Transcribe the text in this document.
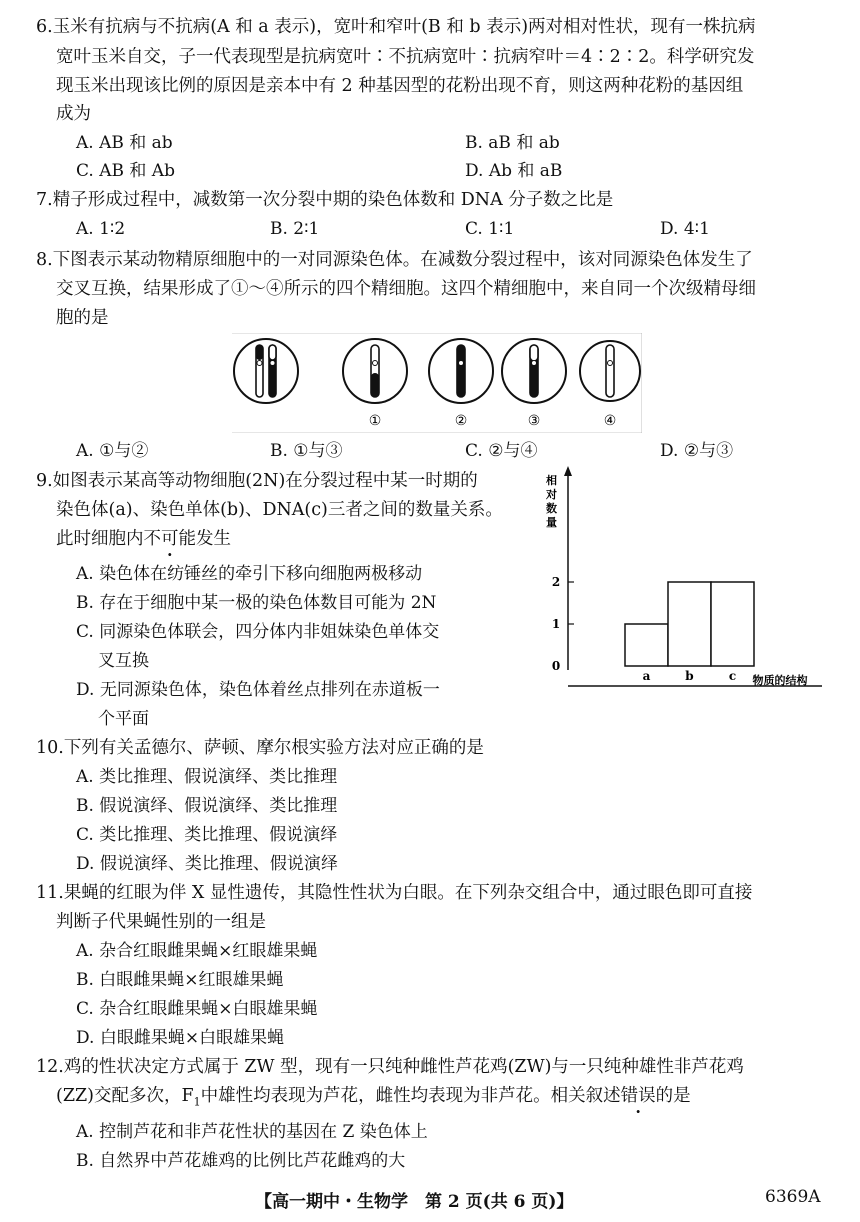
6.玉米有抗病与不抗病(A 和 a 表示)，宽叶和窄叶(B 和 b 表示)两对相对性状，现有一株抗病
宽叶玉米自交，子一代表现型是抗病宽叶∶不抗病宽叶∶抗病窄叶＝4∶2∶2。科学研究发
现玉米出现该比例的原因是亲本中有 2 种基因型的花粉出现不育，则这两种花粉的基因组
成为
A. AB 和 ab	B. aB 和 ab
C. AB 和 Ab	D. Ab 和 aB
7.精子形成过程中，减数第一次分裂中期的染色体数和 DNA 分子数之比是
A. 1∶2	B. 2∶1	C. 1∶1	D. 4∶1
8.下图表示某动物精原细胞中的一对同源染色体。在减数分裂过程中，该对同源染色体发生了
交叉互换，结果形成了①～④所示的四个精细胞。这四个精细胞中，来自同一个次级精母细
胞的是
①	②	③	④
A. ①与②	B. ①与③	C. ②与④	D. ②与③
9.如图表示某高等动物细胞(2N)在分裂过程中某一时期的
染色体(a)、染色单体(b)、DNA(c)三者之间的数量关系。
此时细胞内不可能发生
A. 染色体在纺锤丝的牵引下移向细胞两极移动
B. 存在于细胞中某一极的染色体数目可能为 2N
C. 同源染色体联会，四分体内非姐妹染色单体交
叉互换
D. 无同源染色体，染色体着丝点排列在赤道板一
个平面
相
对
数
量
0
1
2
a	b	c 物质的结构
10.下列有关孟德尔、萨顿、摩尔根实验方法对应正确的是
A. 类比推理、假说演绎、类比推理
B. 假说演绎、假说演绎、类比推理
C. 类比推理、类比推理、假说演绎
D. 假说演绎、类比推理、假说演绎
11.果蝇的红眼为伴 X 显性遗传，其隐性性状为白眼。在下列杂交组合中，通过眼色即可直接
判断子代果蝇性别的一组是
A. 杂合红眼雌果蝇×红眼雄果蝇
B. 白眼雌果蝇×红眼雄果蝇
C. 杂合红眼雌果蝇×白眼雄果蝇
D. 白眼雌果蝇×白眼雄果蝇
12.鸡的性状决定方式属于 ZW 型，现有一只纯种雌性芦花鸡(ZW)与一只纯种雄性非芦花鸡
(ZZ)交配多次，$F_1$中雄性均表现为芦花，雌性均表现为非芦花。相关叙述错误的是
A. 控制芦花和非芦花性状的基因在 Z 染色体上
B. 自然界中芦花雄鸡的比例比芦花雌鸡的大
【高一期中・生物学　第 2 页(共 6 页)】	6369A
